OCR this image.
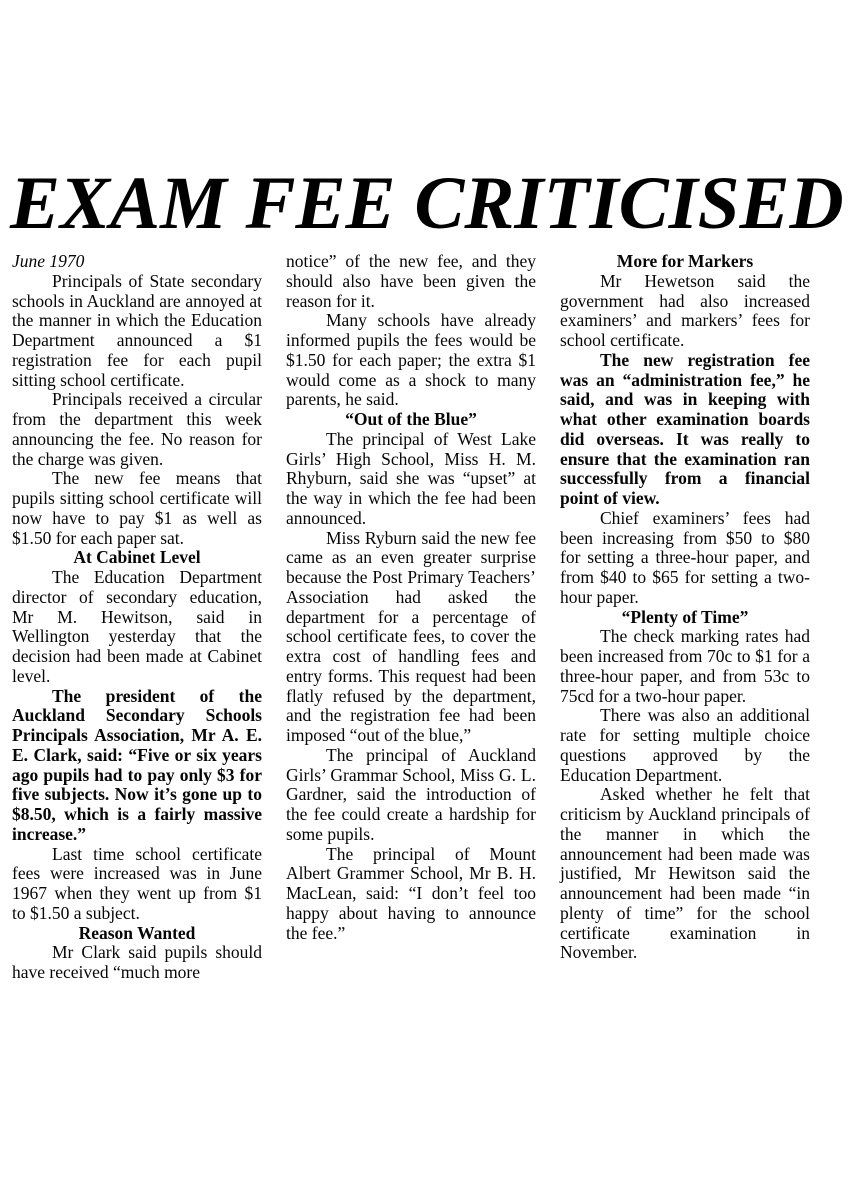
EXAM FEE CRITICISED

June 1970

Principals of State secondary schools in Auckland are annoyed at the manner in which the Education Department announced a $1 registration fee for each pupil sitting school certificate.

Principals received a circular from the department this week announcing the fee. No reason for the charge was given.

The new fee means that pupils sitting school certificate will now have to pay $1 as well as $1.50 for each paper sat.

At Cabinet Level

The Education Department director of secondary education, Mr M. Hewitson, said in Wellington yesterday that the decision had been made at Cabinet level.

The president of the Auckland Secondary Schools Principals Association, Mr A. E. E. Clark, said: “Five or six years ago pupils had to pay only $3 for five subjects. Now it’s gone up to $8.50, which is a fairly massive increase.”

Last time school certificate fees were increased was in June 1967 when they went up from $1 to $1.50 a subject.

Reason Wanted

Mr Clark said pupils should have received “much more

notice” of the new fee, and they should also have been given the reason for it.

Many schools have already informed pupils the fees would be $1.50 for each paper; the extra $1 would come as a shock to many parents, he said.

“Out of the Blue”

The principal of West Lake Girls’ High School, Miss H. M. Rhyburn, said she was “upset” at the way in which the fee had been announced.

Miss Ryburn said the new fee came as an even greater surprise because the Post Primary Teachers’ Association had asked the department for a percentage of school certificate fees, to cover the extra cost of handling fees and entry forms. This request had been flatly refused by the department, and the registration fee had been imposed “out of the blue,”

The principal of Auckland Girls’ Grammar School, Miss G. L. Gardner, said the introduction of the fee could create a hardship for some pupils.

The principal of Mount Albert Grammer School, Mr B. H. MacLean, said: “I don’t feel too happy about having to announce the fee.”

More for Markers

Mr Hewetson said the government had also increased examiners’ and markers’ fees for school certificate.

The new registration fee was an “administration fee,” he said, and was in keeping with what other examination boards did overseas. It was really to ensure that the examination ran successfully from a financial point of view.

Chief examiners’ fees had been increasing from $50 to $80 for setting a three-hour paper, and from $40 to $65 for setting a two-hour paper.

“Plenty of Time”

The check marking rates had been increased from 70c to $1 for a three-hour paper, and from 53c to 75cd for a two-hour paper.

There was also an additional rate for setting multiple choice questions approved by the Education Department.

Asked whether he felt that criticism by Auckland principals of the manner in which the announcement had been made was justified, Mr Hewitson said the announcement had been made “in plenty of time” for the school certificate examination in November.
